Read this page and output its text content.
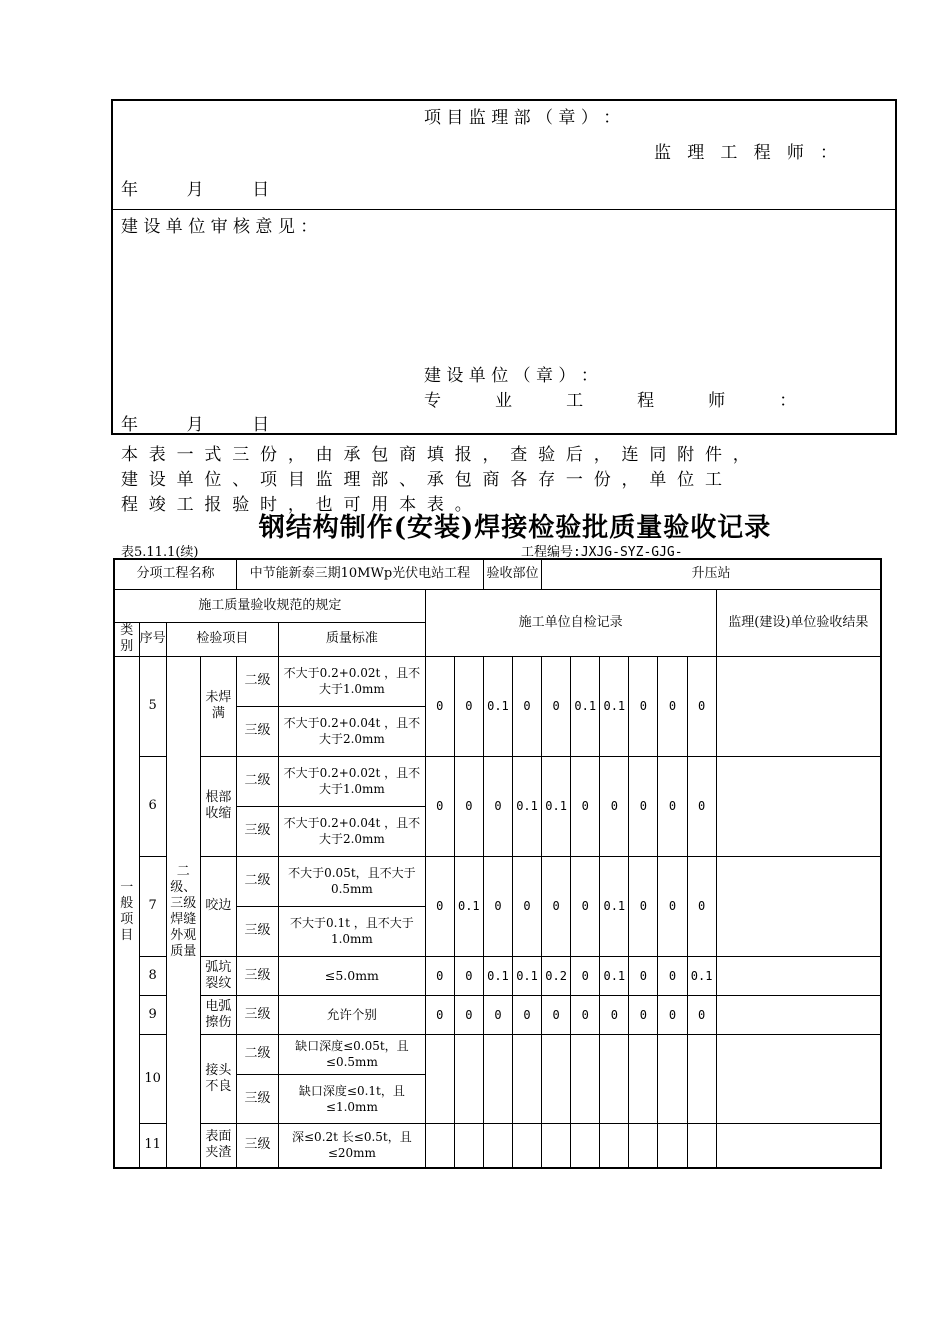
项 目 监 理 部 （ 章 ） ：
监   理   工   程   师   ：
年         月         日
建 设 单 位 审 核 意 见 ：
建 设 单 位 （ 章 ） ：
专          业          工          程          师          ：
年         月         日
本  表  一  式  三  份  ，  由  承  包  商  填  报  ，  查  验  后  ，  连  同  附  件  ，
建  设  单  位  、  项  目  监  理  部  、  承  包  商  各  存  一  份  ，  单  位  工
程  竣  工  报  验  时  ，  也  可  用  本  表  。
钢结构制作(安装)焊接检验批质量验收记录
表5.11.1(续)	工程编号:JXJG-SYZ-GJG-
分项工程名称				中节能新泰三期10MWp光伏电站工程				验收部位		升压站						
施工质量验收规范的规定						施工单位自检记录										监理(建设)单位验收结果
类别	序号	检验项目			质量标准											
一般项目	5	二级、三级焊缝外观质量	未焊满	二级	不大于0.2+0.02t ，且不大于1.0mm	0	0	0.1	0	0	0.1	0.1	0	0	0	
				三级	不大于0.2+0.04t ，且不大于2.0mm											
	6		根部收缩	二级	不大于0.2+0.02t ，且不大于1.0mm	0	0	0	0.1	0.1	0	0	0	0	0	
				三级	不大于0.2+0.04t ，且不大于2.0mm											
	7		咬边	二级	不大于0.05t，且不大于0.5mm	0	0.1	0	0	0	0	0.1	0	0	0	
				三级	不大于0.1t ，且不大于1.0mm											
	8		弧坑裂纹	三级	≤5.0mm	0	0	0.1	0.1	0.2	0	0.1	0	0	0.1	
	9		电弧擦伤	三级	允许个别	0	0	0	0	0	0	0	0	0	0	
	10		接头不良	二级	缺口深度≤0.05t，且≤0.5mm											
				三级	缺口深度≤0.1t，且≤1.0mm											
	11		表面夹渣	三级	深≤0.2t 长≤0.5t，且≤20mm											
